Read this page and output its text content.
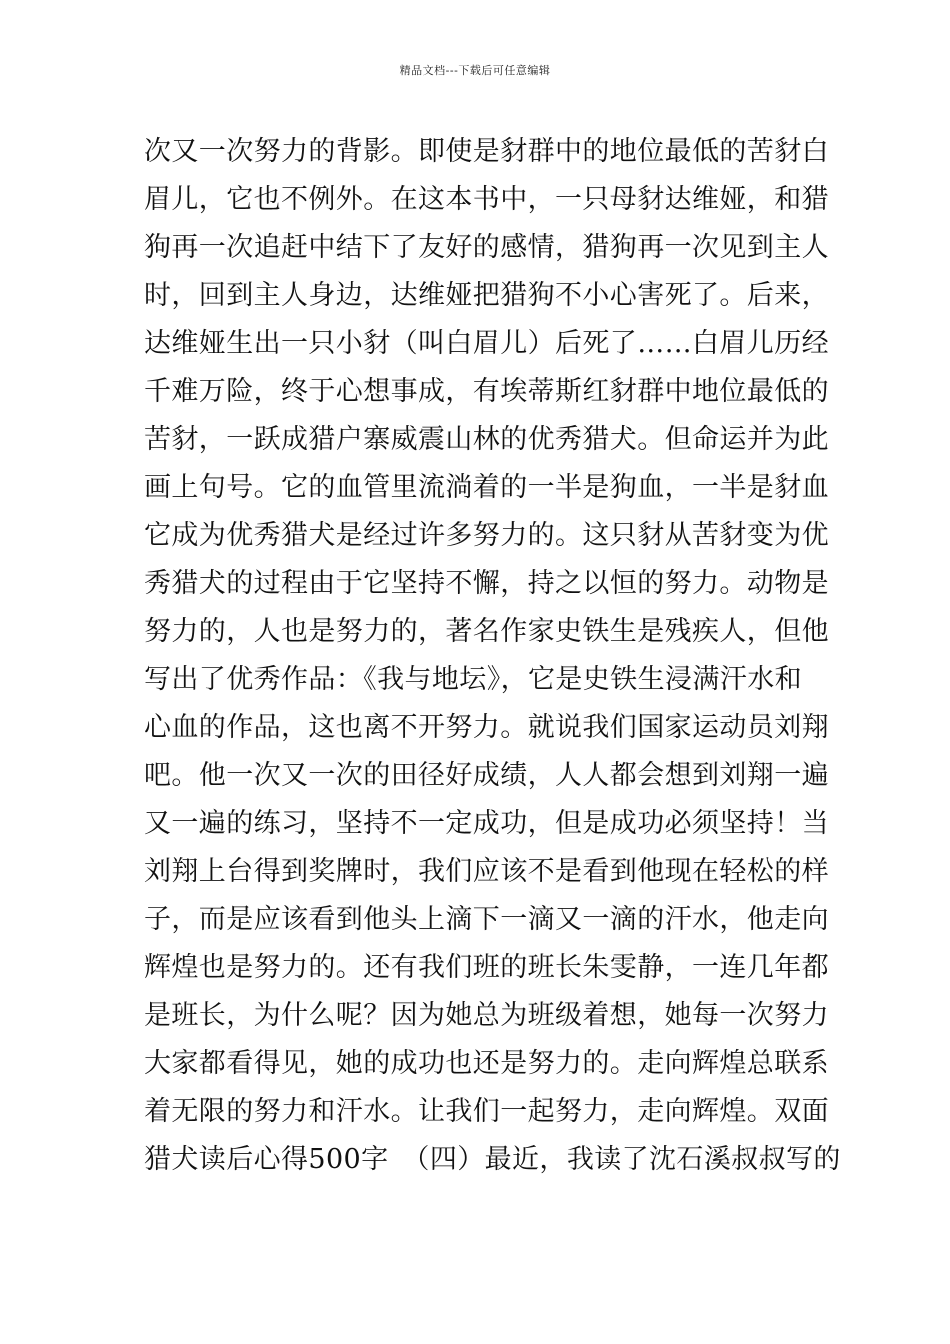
精品文档---下载后可任意编辑
次又一次努力的背影。即使是豺群中的地位最低的苦豺白
眉儿，它也不例外。在这本书中，一只母豺达维娅，和猎
狗再一次追赶中结下了友好的感情，猎狗再一次见到主人
时，回到主人身边，达维娅把猎狗不小心害死了。后来，
达维娅生出一只小豺（叫白眉儿）后死了……白眉儿历经
千难万险，终于心想事成，有埃蒂斯红豺群中地位最低的
苦豺，一跃成猎户寨威震山林的优秀猎犬。但命运并为此
画上句号。它的血管里流淌着的一半是狗血，一半是豺血
它成为优秀猎犬是经过许多努力的。这只豺从苦豺变为优
秀猎犬的过程由于它坚持不懈，持之以恒的努力。动物是
努力的，人也是努力的，著名作家史铁生是残疾人，但他
写出了优秀作品：《我与地坛》，它是史铁生浸满汗水和
心血的作品，这也离不开努力。就说我们国家运动员刘翔
吧。他一次又一次的田径好成绩，人人都会想到刘翔一遍
又一遍的练习，坚持不一定成功，但是成功必须坚持！当
刘翔上台得到奖牌时，我们应该不是看到他现在轻松的样
子，而是应该看到他头上滴下一滴又一滴的汗水，他走向
辉煌也是努力的。还有我们班的班长朱雯静，一连几年都
是班长，为什么呢？因为她总为班级着想，她每一次努力
大家都看得见，她的成功也还是努力的。走向辉煌总联系
着无限的努力和汗水。让我们一起努力，走向辉煌。双面
猎犬读后心得500字　（四）最近，我读了沈石溪叔叔写的
